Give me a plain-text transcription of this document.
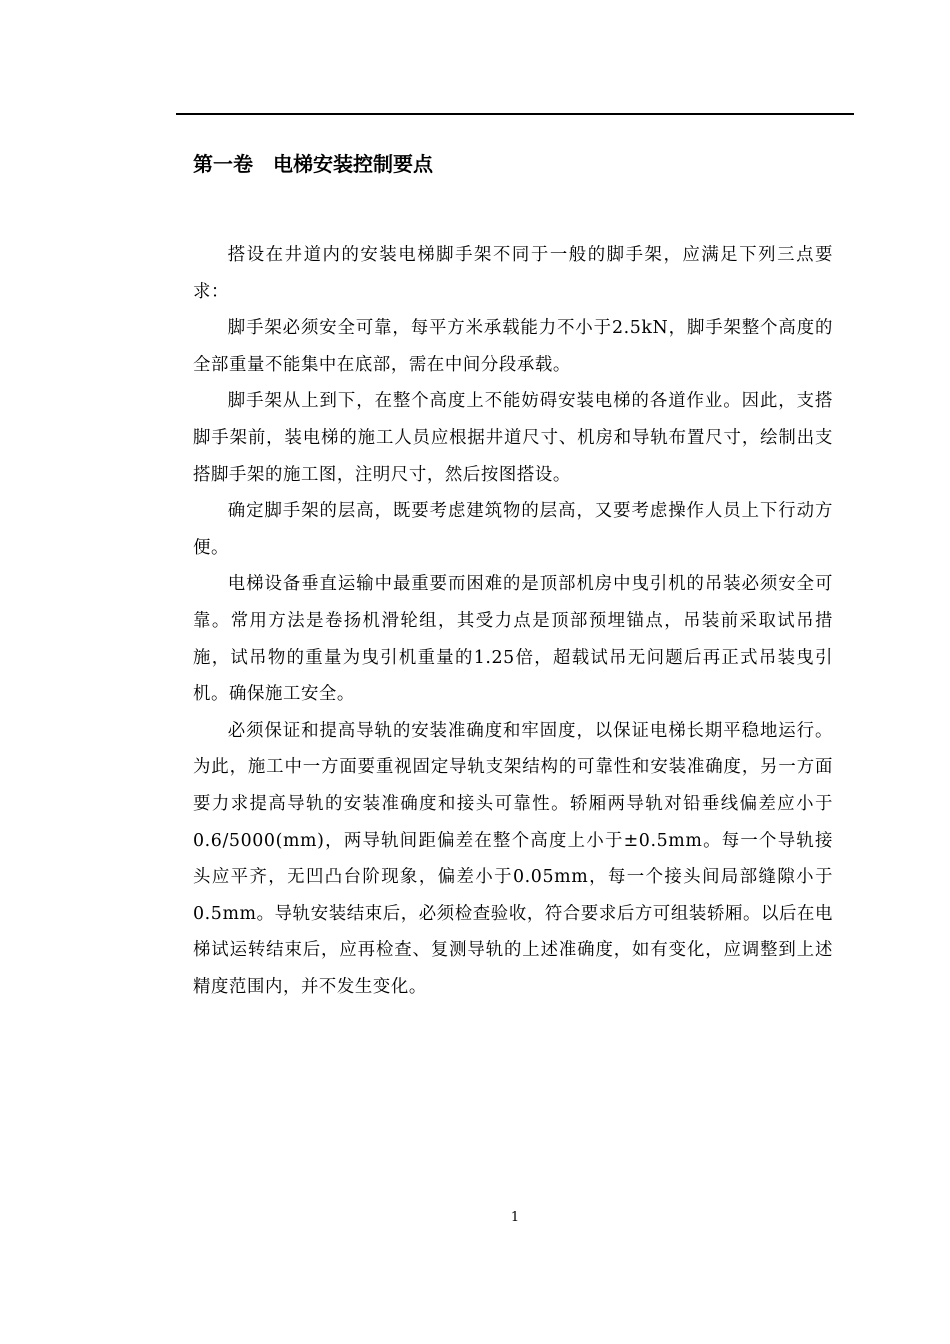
第一卷　电梯安装控制要点

搭设在井道内的安装电梯脚手架不同于一般的脚手架，应满足下列三点要求：

脚手架必须安全可靠，每平方米承载能力不小于2.5kN，脚手架整个高度的全部重量不能集中在底部，需在中间分段承载。

脚手架从上到下，在整个高度上不能妨碍安装电梯的各道作业。因此，支搭脚手架前，装电梯的施工人员应根据井道尺寸、机房和导轨布置尺寸，绘制出支搭脚手架的施工图，注明尺寸，然后按图搭设。

确定脚手架的层高，既要考虑建筑物的层高，又要考虑操作人员上下行动方便。

电梯设备垂直运输中最重要而困难的是顶部机房中曳引机的吊装必须安全可靠。常用方法是卷扬机滑轮组，其受力点是顶部预埋锚点，吊装前采取试吊措施，试吊物的重量为曳引机重量的1.25倍，超载试吊无问题后再正式吊装曳引机。确保施工安全。

必须保证和提高导轨的安装准确度和牢固度，以保证电梯长期平稳地运行。为此，施工中一方面要重视固定导轨支架结构的可靠性和安装准确度，另一方面要力求提高导轨的安装准确度和接头可靠性。轿厢两导轨对铅垂线偏差应小于0.6/5000(mm)，两导轨间距偏差在整个高度上小于±0.5mm。每一个导轨接头应平齐，无凹凸台阶现象，偏差小于0.05mm，每一个接头间局部缝隙小于0.5mm。导轨安装结束后，必须检查验收，符合要求后方可组装轿厢。以后在电梯试运转结束后，应再检查、复测导轨的上述准确度，如有变化，应调整到上述精度范围内，并不发生变化。

1
